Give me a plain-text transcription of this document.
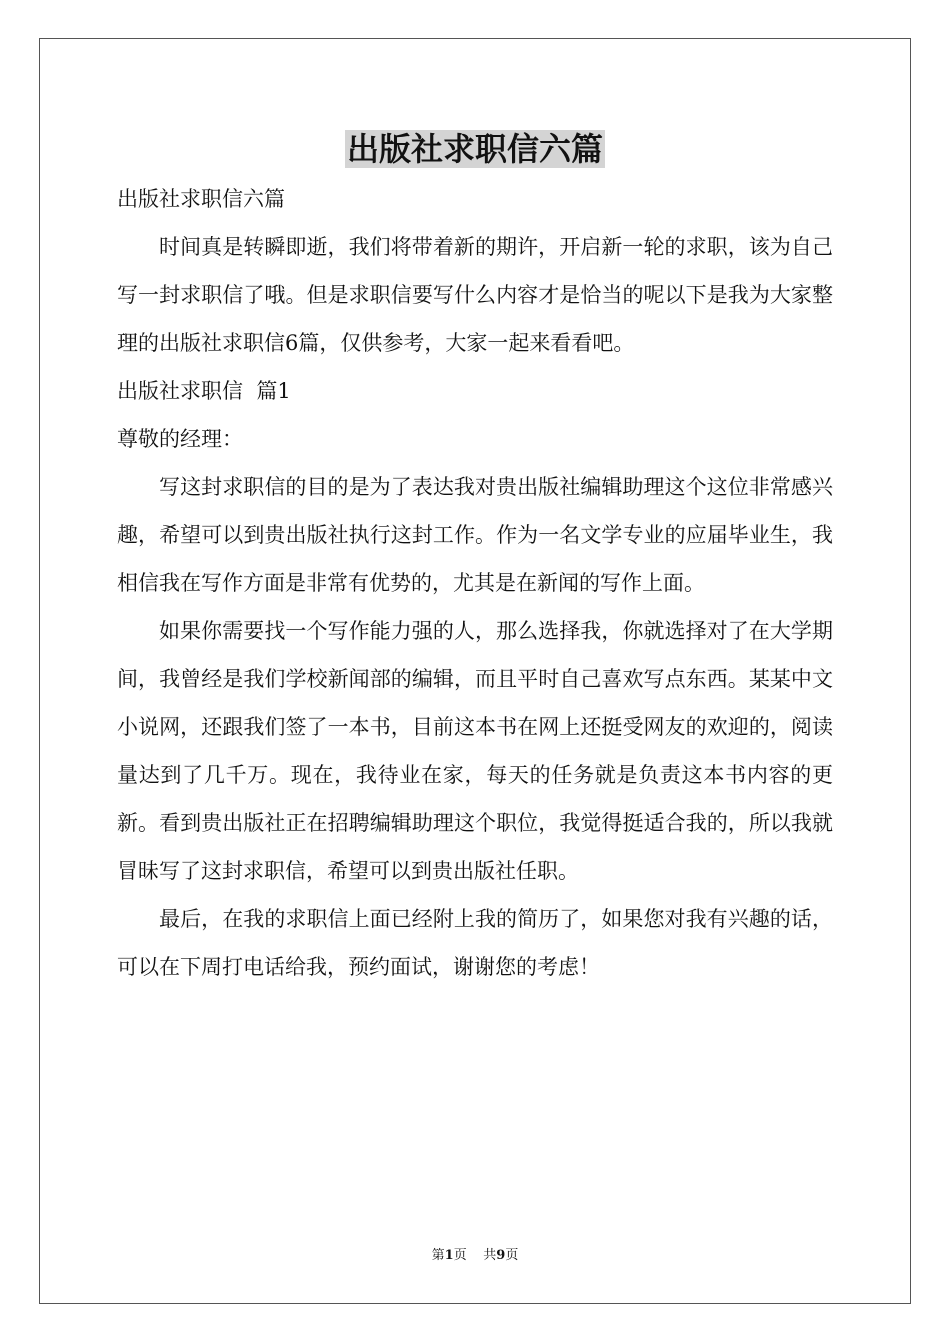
出版社求职信六篇

出版社求职信六篇

时间真是转瞬即逝，我们将带着新的期许，开启新一轮的求职，该为自己写一封求职信了哦。但是求职信要写什么内容才是恰当的呢以下是我为大家整理的出版社求职信6篇，仅供参考，大家一起来看看吧。

出版社求职信  篇1

尊敬的经理：

写这封求职信的目的是为了表达我对贵出版社编辑助理这个这位非常感兴趣，希望可以到贵出版社执行这封工作。作为一名文学专业的应届毕业生，我相信我在写作方面是非常有优势的，尤其是在新闻的写作上面。

如果你需要找一个写作能力强的人，那么选择我，你就选择对了在大学期间，我曾经是我们学校新闻部的编辑，而且平时自己喜欢写点东西。某某中文小说网，还跟我们签了一本书，目前这本书在网上还挺受网友的欢迎的，阅读量达到了几千万。现在，我待业在家，每天的任务就是负责这本书内容的更新。看到贵出版社正在招聘编辑助理这个职位，我觉得挺适合我的，所以我就冒昧写了这封求职信，希望可以到贵出版社任职。

最后，在我的求职信上面已经附上我的简历了，如果您对我有兴趣的话，可以在下周打电话给我，预约面试，谢谢您的考虑！

第1页 共9页
